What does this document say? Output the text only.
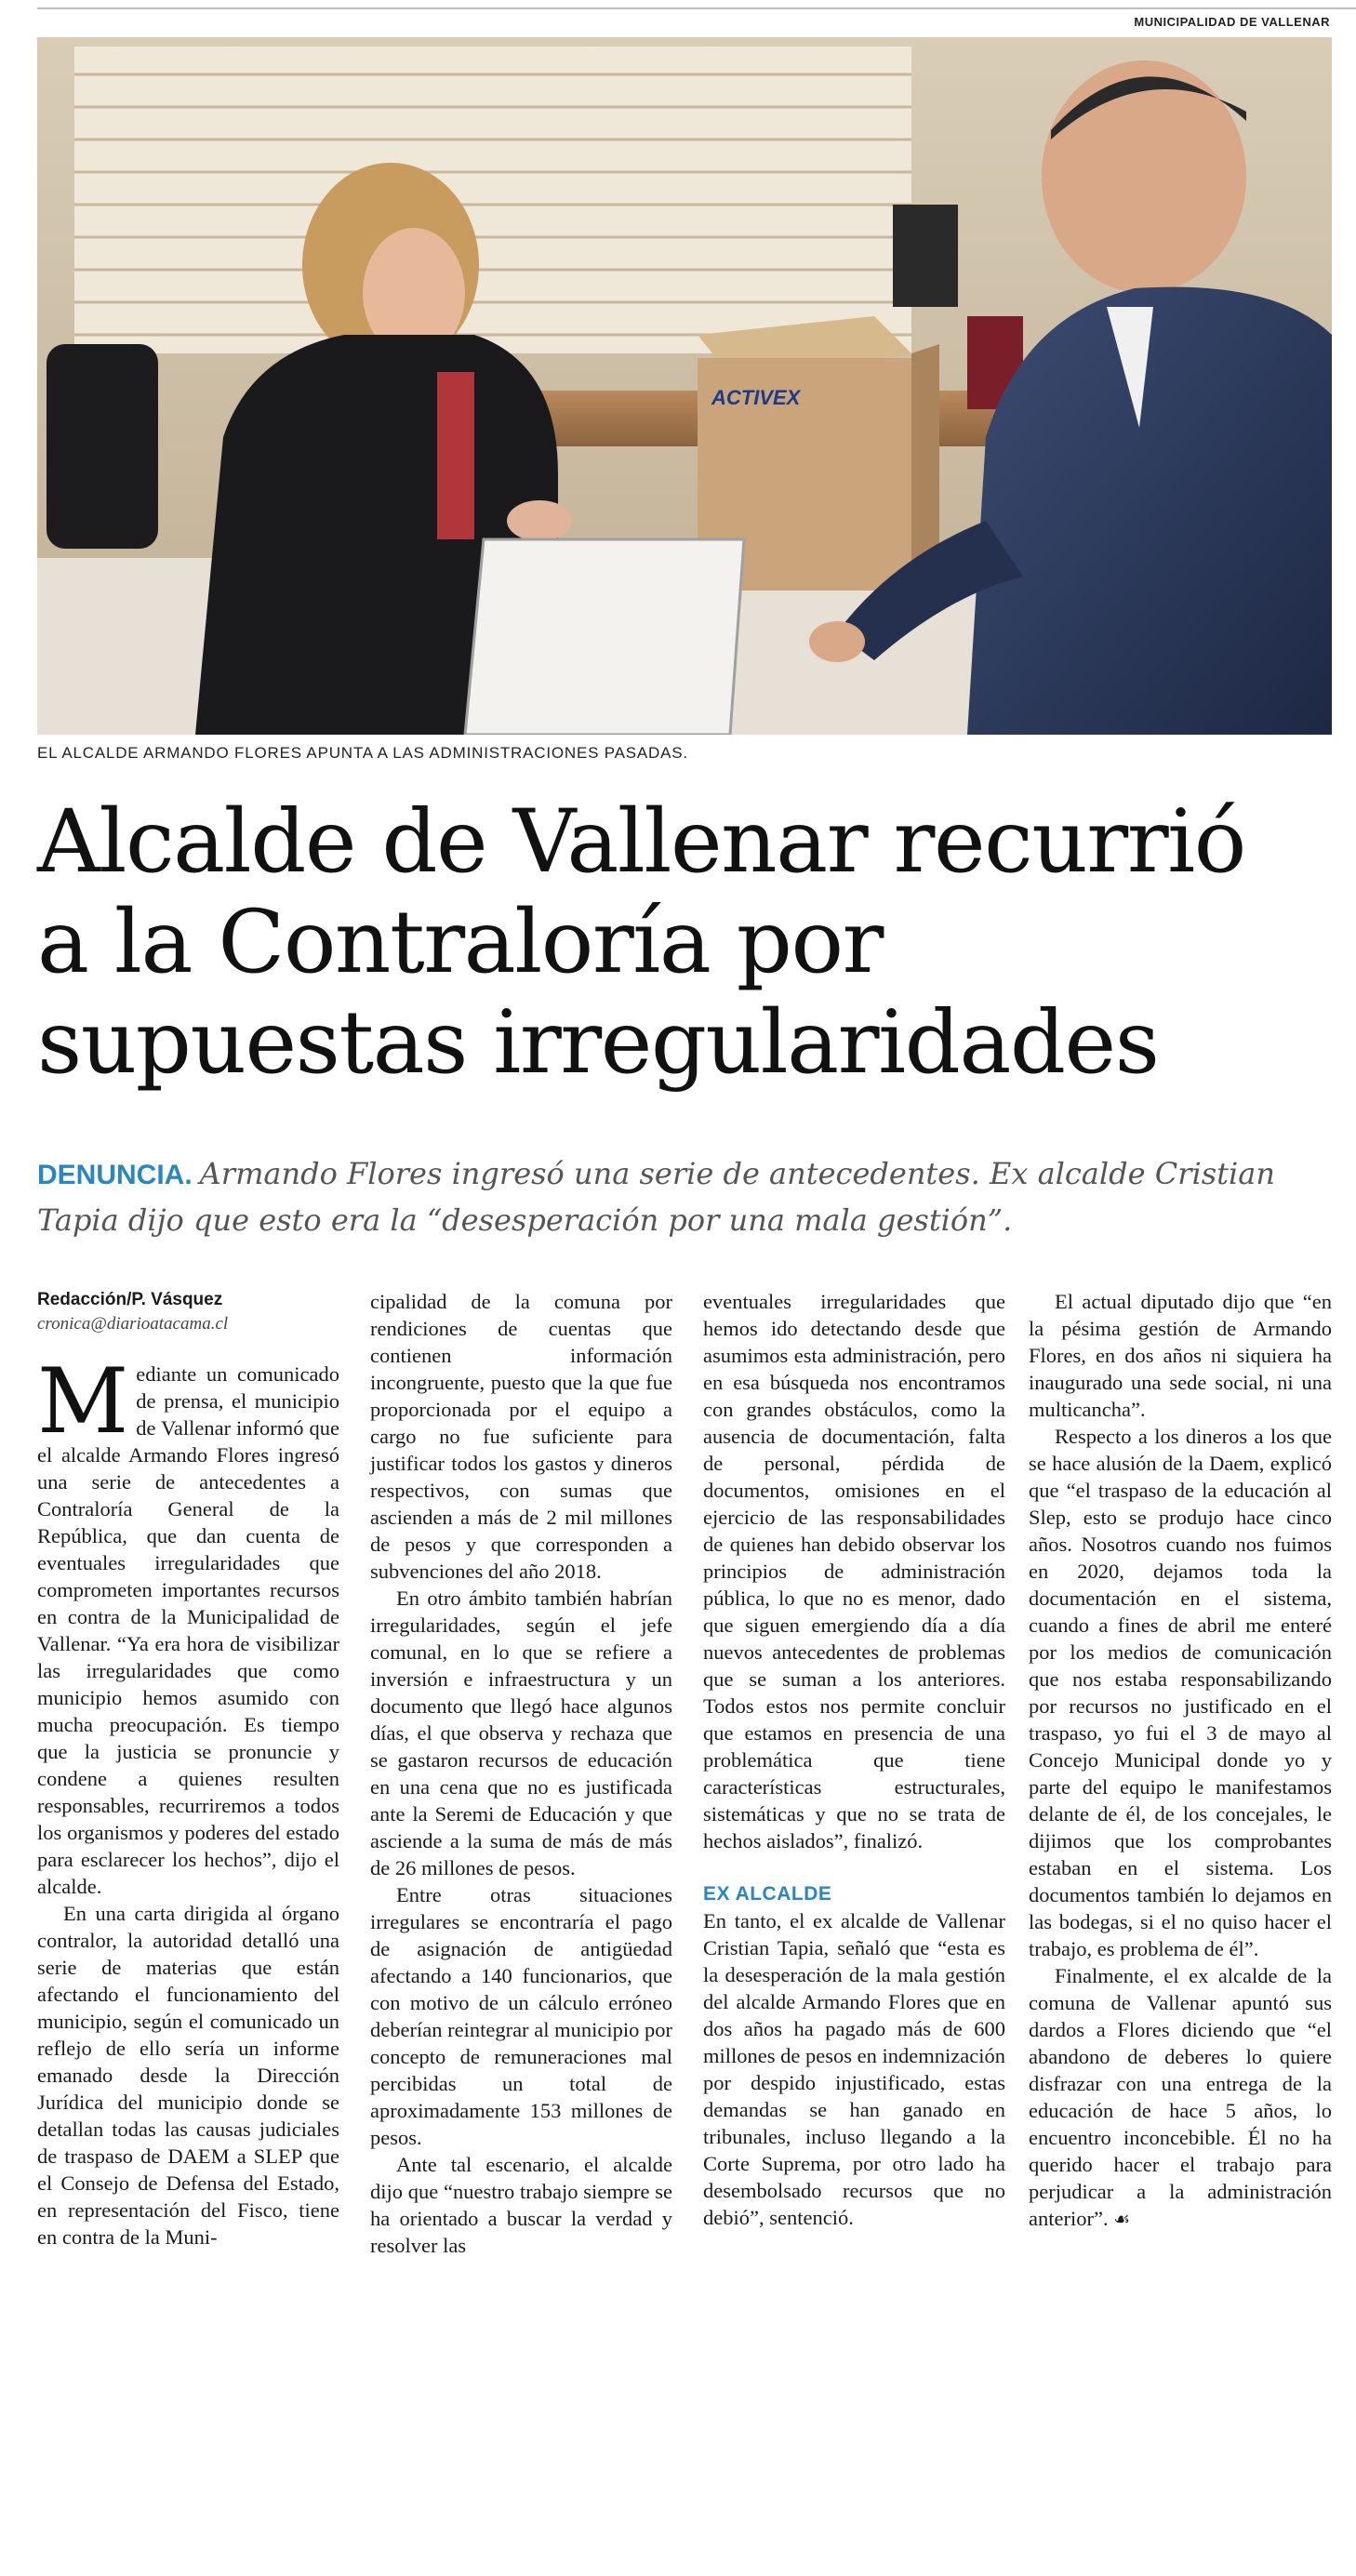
MUNICIPALIDAD DE VALLENAR
ACTIVEX
EL ALCALDE ARMANDO FLORES APUNTA A LAS ADMINISTRACIONES PASADAS.
Alcalde de Vallenar recurrió
a la Contraloría por
supuestas irregularidades
DENUNCIA. Armando Flores ingresó una serie de antecedentes. Ex alcalde Cristian Tapia dijo que esto era la “desesperación por una mala gestión”.
Redacción/P. Vásquez
cronica@diarioatacama.cl

Mediante un comunicado de prensa, el municipio de Vallenar informó que el alcalde Armando Flores ingresó una serie de antecedentes a Contraloría General de la República, que dan cuenta de eventuales irregularidades que comprometen importantes recursos en contra de la Municipalidad de Vallenar. “Ya era hora de visibilizar las irregularidades que como municipio hemos asumido con mucha preocupación. Es tiempo que la justicia se pronuncie y condene a quienes resulten responsables, recurriremos a todos los organismos y poderes del estado para esclarecer los hechos”, dijo el alcalde.

En una carta dirigida al órgano contralor, la autoridad detalló una serie de materias que están afectando el funcionamiento del municipio, según el comunicado un reflejo de ello sería un informe emanado desde la Dirección Jurídica del municipio donde se detallan todas las causas judiciales de traspaso de DAEM a SLEP que el Consejo de Defensa del Estado, en representación del Fisco, tiene en contra de la Muni-

cipalidad de la comuna por rendiciones de cuentas que contienen información incongruente, puesto que la que fue proporcionada por el equipo a cargo no fue suficiente para justificar todos los gastos y dineros respectivos, con sumas que ascienden a más de 2 mil millones de pesos y que corresponden a subvenciones del año 2018.

En otro ámbito también habrían irregularidades, según el jefe comunal, en lo que se refiere a inversión e infraestructura y un documento que llegó hace algunos días, el que observa y rechaza que se gastaron recursos de educación en una cena que no es justificada ante la Seremi de Educación y que asciende a la suma de más de más de 26 millones de pesos.

Entre otras situaciones irregulares se encontraría el pago de asignación de antigüedad afectando a 140 funcionarios, que con motivo de un cálculo erróneo deberían reintegrar al municipio por concepto de remuneraciones mal percibidas un total de aproximadamente 153 millones de pesos.

Ante tal escenario, el alcalde dijo que “nuestro trabajo siempre se ha orientado a buscar la verdad y resolver las

eventuales irregularidades que hemos ido detectando desde que asumimos esta administración, pero en esa búsqueda nos encontramos con grandes obstáculos, como la ausencia de documentación, falta de personal, pérdida de documentos, omisiones en el ejercicio de las responsabilidades de quienes han debido observar los principios de administración pública, lo que no es menor, dado que siguen emergiendo día a día nuevos antecedentes de problemas que se suman a los anteriores. Todos estos nos permite concluir que estamos en presencia de una problemática que tiene características estructurales, sistemáticas y que no se trata de hechos aislados”, finalizó.

EX ALCALDE

En tanto, el ex alcalde de Vallenar Cristian Tapia, señaló que “esta es la desesperación de la mala gestión del alcalde Armando Flores que en dos años ha pagado más de 600 millones de pesos en indemnización por despido injustificado, estas demandas se han ganado en tribunales, incluso llegando a la Corte Suprema, por otro lado ha desembolsado recursos que no debió”, sentenció.

El actual diputado dijo que “en la pésima gestión de Armando Flores, en dos años ni siquiera ha inaugurado una sede social, ni una multicancha”.

Respecto a los dineros a los que se hace alusión de la Daem, explicó que “el traspaso de la educación al Slep, esto se produjo hace cinco años. Nosotros cuando nos fuimos en 2020, dejamos toda la documentación en el sistema, cuando a fines de abril me enteré por los medios de comunicación que nos estaba responsabilizando por recursos no justificado en el traspaso, yo fui el 3 de mayo al Concejo Municipal donde yo y parte del equipo le manifestamos delante de él, de los concejales, le dijimos que los comprobantes estaban en el sistema. Los documentos también lo dejamos en las bodegas, si el no quiso hacer el trabajo, es problema de él”.

Finalmente, el ex alcalde de la comuna de Vallenar apuntó sus dardos a Flores diciendo que “el abandono de deberes lo quiere disfrazar con una entrega de la educación de hace 5 años, lo encuentro inconcebible. Él no ha querido hacer el trabajo para perjudicar a la administración anterior”. ☙
